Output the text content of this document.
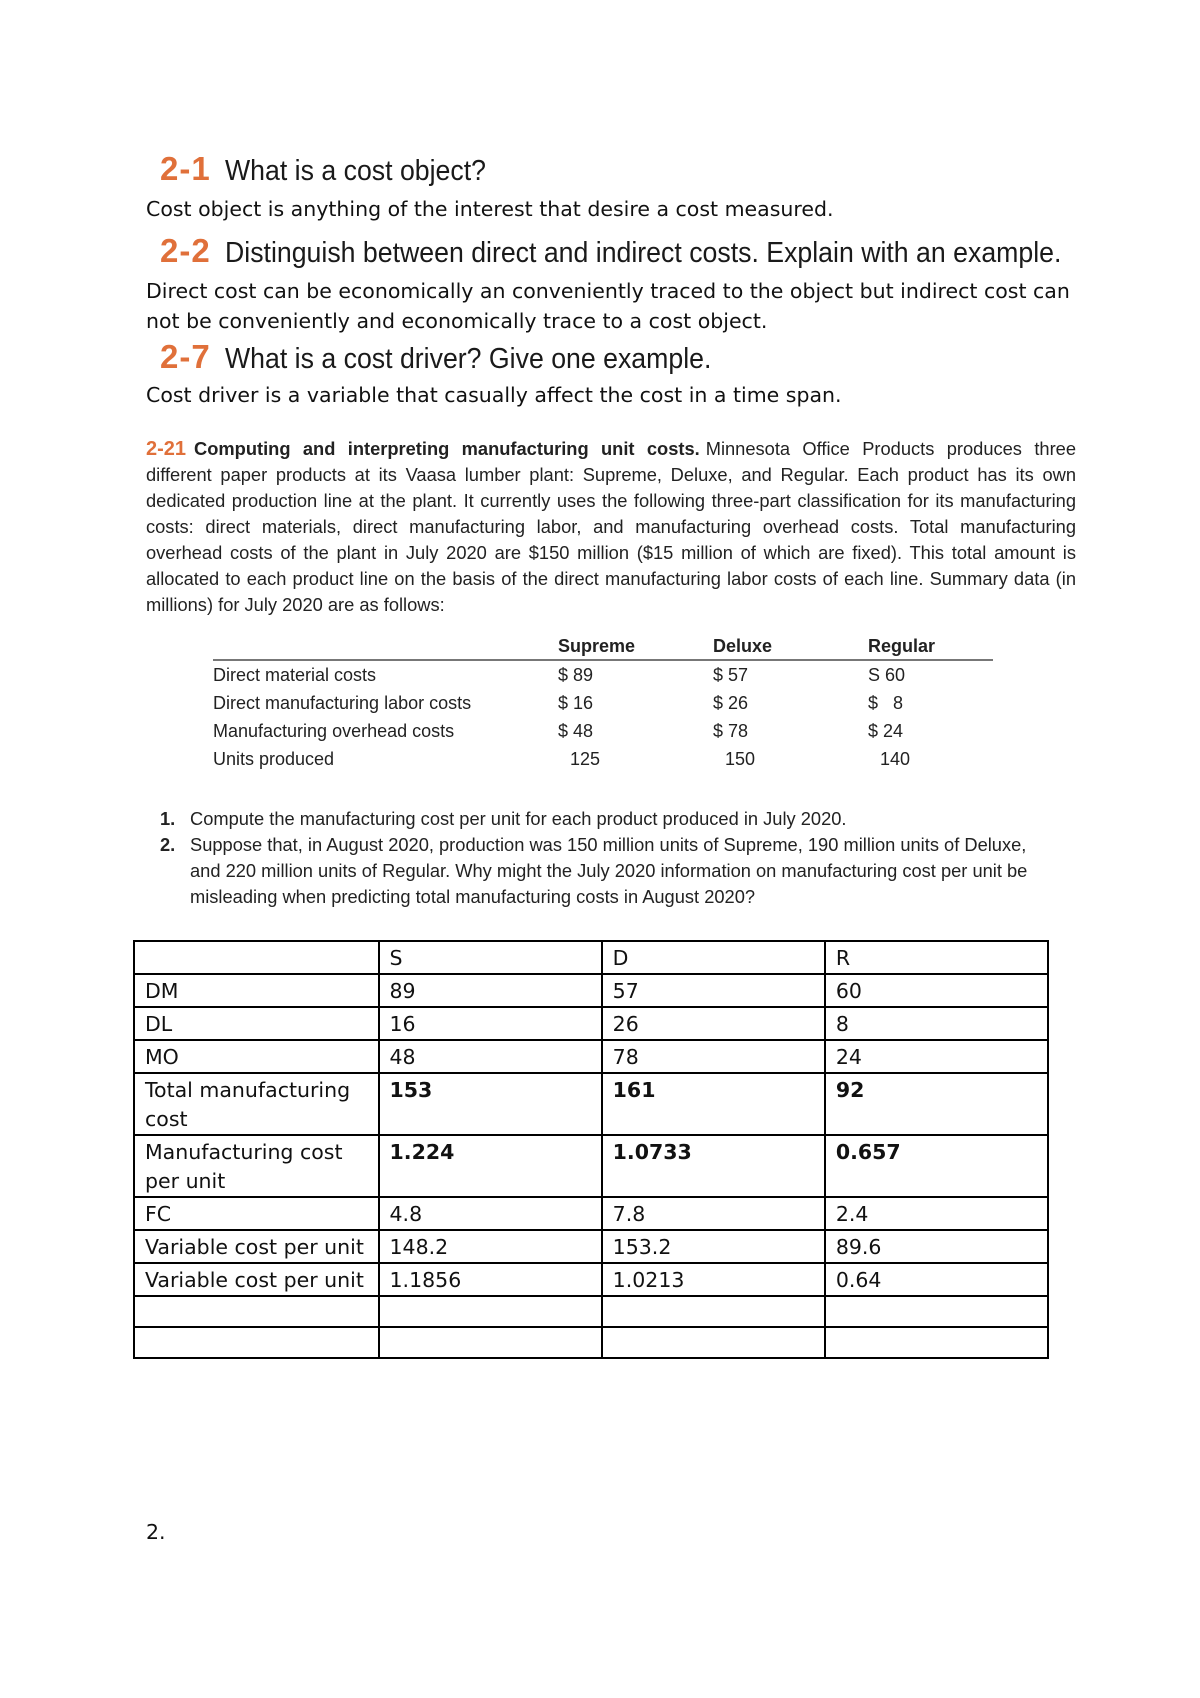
2-1 What is a cost object?
Cost object is anything of the interest that desire a cost measured.
2-2 Distinguish between direct and indirect costs. Explain with an example.
Direct cost can be economically an conveniently traced to the object but indirect cost can
not be conveniently and economically trace to a cost object.
2-7 What is a cost driver? Give one example.
Cost driver is a variable that casually affect the cost in a time span.
2-21 Computing and interpreting manufacturing unit costs. Minnesota Office Products produces three different paper products at its Vaasa lumber plant: Supreme, Deluxe, and Regular. Each product has its own dedicated production line at the plant. It currently uses the following three-part classification for its manufacturing costs: direct materials, direct manufacturing labor, and manufacturing overhead costs. Total manufacturing overhead costs of the plant in July 2020 are $150 million ($15 million of which are fixed). This total amount is allocated to each product line on the basis of the direct manufacturing labor costs of each line. Summary data (in millions) for July 2020 are as follows:
	Supreme	Deluxe	Regular
Direct material costs	$ 89	$ 57	S 60
Direct manufacturing labor costs	$ 16	$ 26	$   8
Manufacturing overhead costs	$ 48	$ 78	$ 24
Units produced	125	150	140
1. Compute the manufacturing cost per unit for each product produced in July 2020.
2. Suppose that, in August 2020, production was 150 million units of Supreme, 190 million units of Deluxe, and 220 million units of Regular. Why might the July 2020 information on manufacturing cost per unit be misleading when predicting total manufacturing costs in August 2020?
	S	D	R
DM	89	57	60
DL	16	26	8
MO	48	78	24
Total manufacturing cost	153	161	92
Manufacturing cost per unit	1.224	1.0733	0.657
FC	4.8	7.8	2.4
Variable cost per unit	148.2	153.2	89.6
Variable cost per unit	1.1856	1.0213	0.64

2.
